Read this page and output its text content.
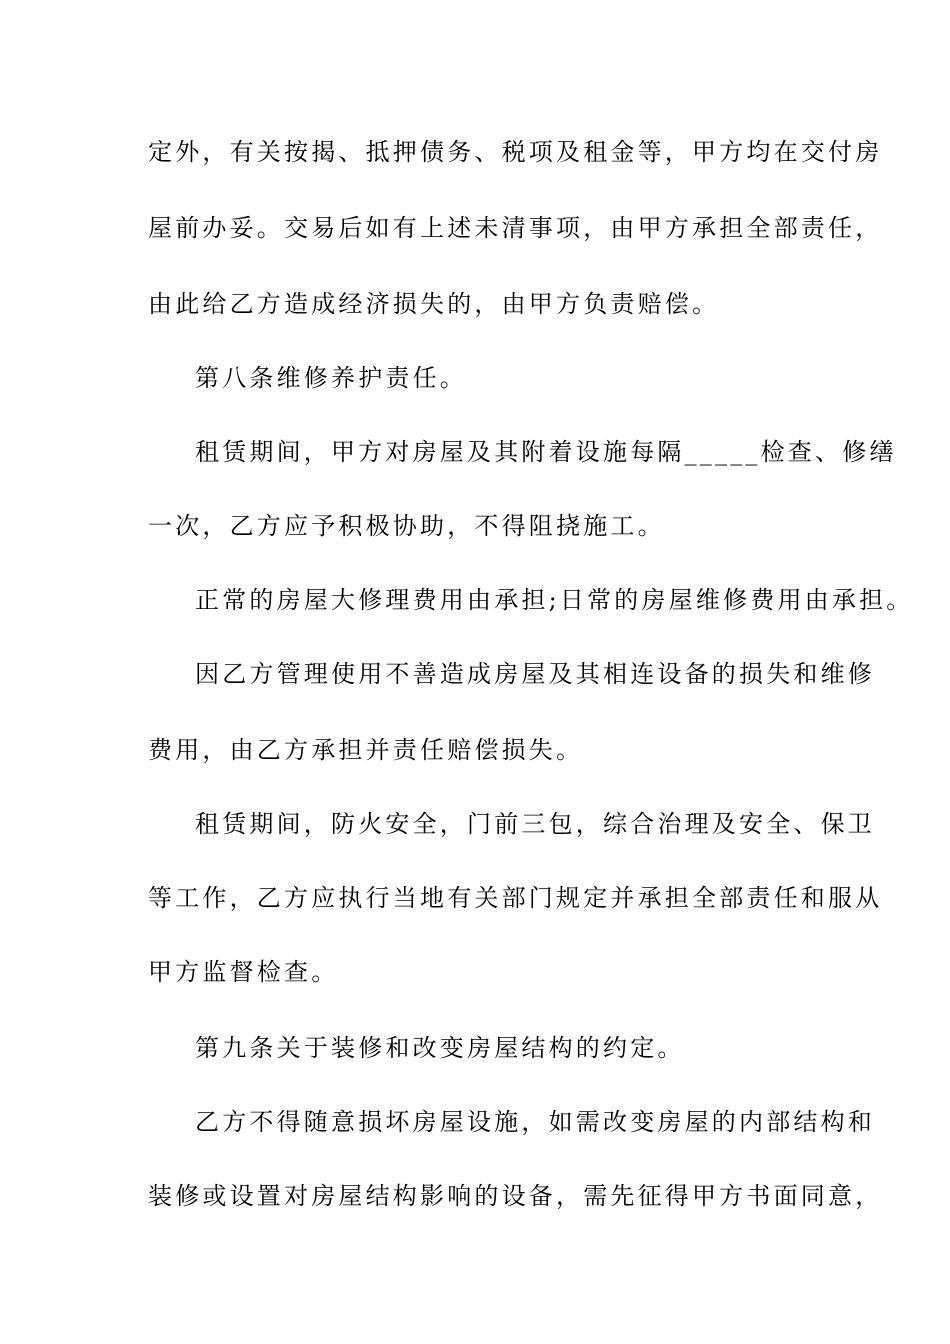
定外，有关按揭、抵押债务、税项及租金等，甲方均在交付房
屋前办妥。交易后如有上述未清事项，由甲方承担全部责任，
由此给乙方造成经济损失的，由甲方负责赔偿。
第八条维修养护责任。
租赁期间，甲方对房屋及其附着设施每隔_____检查、修缮
一次，乙方应予积极协助，不得阻挠施工。
正常的房屋大修理费用由承担;日常的房屋维修费用由承担。
因乙方管理使用不善造成房屋及其相连设备的损失和维修
费用，由乙方承担并责任赔偿损失。
租赁期间，防火安全，门前三包，综合治理及安全、保卫
等工作，乙方应执行当地有关部门规定并承担全部责任和服从
甲方监督检查。
第九条关于装修和改变房屋结构的约定。
乙方不得随意损坏房屋设施，如需改变房屋的内部结构和
装修或设置对房屋结构影响的设备，需先征得甲方书面同意，
